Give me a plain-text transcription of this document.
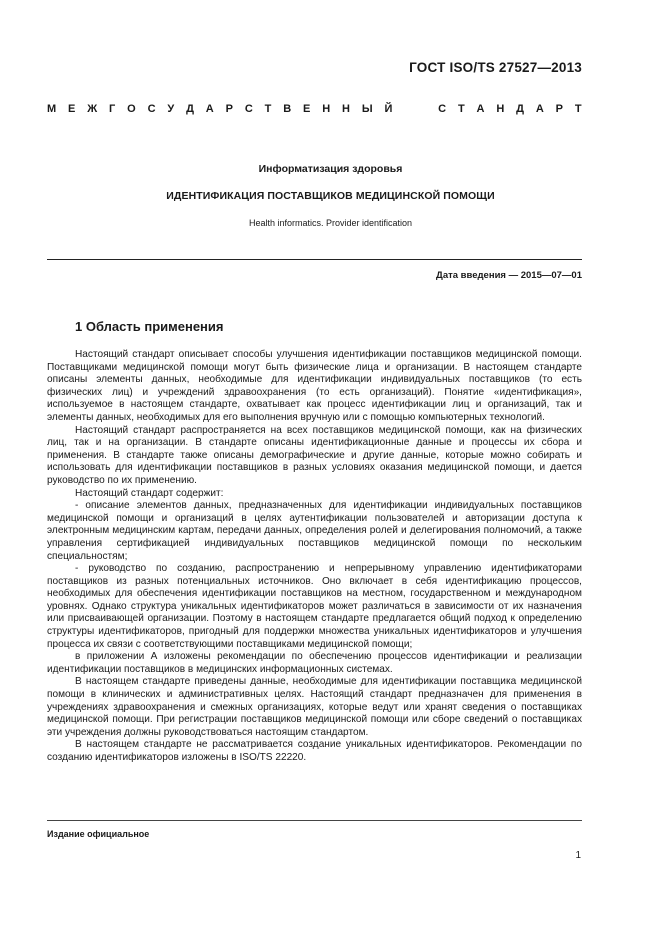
ГОСТ ISO/TS 27527—2013
М Е Ж Г О С У Д А Р С Т В Е Н Н Ы Й	С Т А Н Д А Р Т
Информатизация здоровья
ИДЕНТИФИКАЦИЯ ПОСТАВЩИКОВ МЕДИЦИНСКОЙ ПОМОЩИ
Health informatics. Provider identification
Дата введения — 2015—07—01
1 Область применения

Настоящий стандарт описывает способы улучшения идентификации поставщиков медицинской помощи. Поставщиками медицинской помощи могут быть физические лица и организации. В настоящем стандарте описаны элементы данных, необходимые для идентификации индивидуальных поставщиков (то есть физических лиц) и учреждений здравоохранения (то есть организаций). Понятие «идентификация», используемое в настоящем стандарте, охватывает как процесс идентификации лиц и организаций, так и элементы данных, необходимых для его выполнения вручную или с помощью компьютерных технологий.

Настоящий стандарт распространяется на всех поставщиков медицинской помощи, как на физических лиц, так и на организации. В стандарте описаны идентификационные данные и процессы их сбора и применения. В стандарте также описаны демографические и другие данные, которые можно собирать и использовать для идентификации поставщиков в разных условиях оказания медицинской помощи, и дается руководство по их применению.

Настоящий стандарт содержит:

- описание элементов данных, предназначенных для идентификации индивидуальных поставщиков медицинской помощи и организаций в целях аутентификации пользователей и авторизации доступа к электронным медицинским картам, передачи данных, определения ролей и делегирования полномочий, а также управления сертификацией индивидуальных поставщиков медицинской помощи по нескольким специальностям;

- руководство по созданию, распространению и непрерывному управлению идентификаторами поставщиков из разных потенциальных источников. Оно включает в себя идентификацию процессов, необходимых для обеспечения идентификации поставщиков на местном, государственном и международном уровнях. Однако структура уникальных идентификаторов может различаться в зависимости от их назначения или присваивающей организации. Поэтому в настоящем стандарте предлагается общий подход к определению структуры идентификаторов, пригодный для поддержки множества уникальных идентификаторов и улучшения процесса их связи с соответствующими поставщиками медицинской помощи;

в приложении А изложены рекомендации по обеспечению процессов идентификации и реализации идентификации поставщиков в медицинских информационных системах.

В настоящем стандарте приведены данные, необходимые для идентификации поставщика медицинской помощи в клинических и административных целях. Настоящий стандарт предназначен для применения в учреждениях здравоохранения и смежных организациях, которые ведут или хранят сведения о поставщиках медицинской помощи. При регистрации поставщиков медицинской помощи или сборе сведений о поставщиках эти учреждения должны руководствоваться настоящим стандартом.

В настоящем стандарте не рассматривается создание уникальных идентификаторов. Рекомендации по созданию идентификаторов изложены в ISO/TS 22220.

Издание официальное
1
